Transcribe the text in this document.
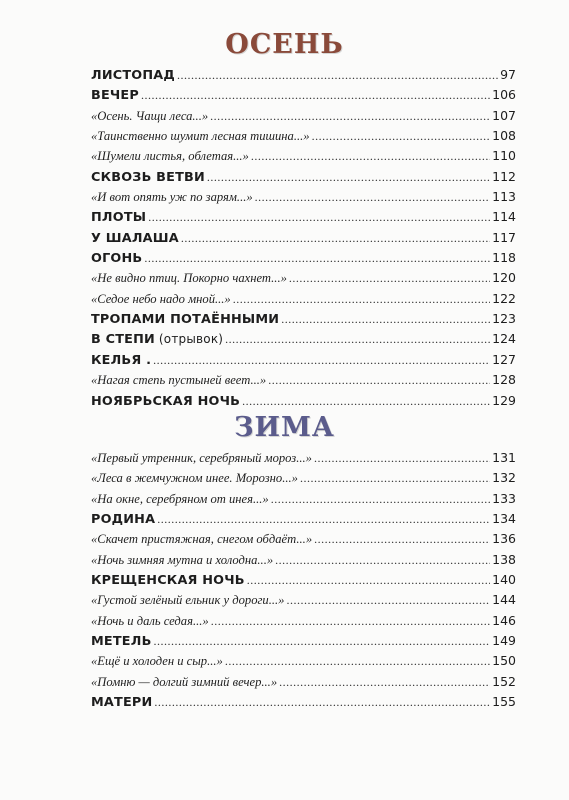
ОСЕНЬ
ЛИСТОПАД .....	97
ВЕЧЕР .....	106
«Осень. Чащи леса...» .....	107
«Таинственно шумит лесная тишина...» .....	108
«Шумели листья, облетая...» .....	110
СКВОЗЬ ВЕТВИ .....	112
«И вот опять уж по зарям...» .....	113
ПЛОТЫ .....	114
У ШАЛАША .....	117
ОГОНЬ .....	118
«Не видно птиц. Покорно чахнет...» .....	120
«Седое небо надо мной...» .....	122
ТРОПАМИ ПОТАЁННЫМИ .....	123
В СТЕПИ (отрывок) .....	124
КЕЛЬЯ . .....	127
«Нагая степь пустыней веет...» .....	128
НОЯБРЬСКАЯ НОЧЬ .....	129
ЗИМА
«Первый утренник, серебряный мороз...» .....	131
«Леса в жемчужном инее. Морозно...» .....	132
«На окне, серебряном от инея...» .....	133
РОДИНА .....	134
«Скачет пристяжная, снегом обдаёт...» .....	136
«Ночь зимняя мутна и холодна...» .....	138
КРЕЩЕНСКАЯ НОЧЬ .....	140
«Густой зелёный ельник у дороги...» .....	144
«Ночь и даль седая...» .....	146
МЕТЕЛЬ .....	149
«Ещё и холоден и сыр...» .....	150
«Помню — долгий зимний вечер...» .....	152
МАТЕРИ .....	155
